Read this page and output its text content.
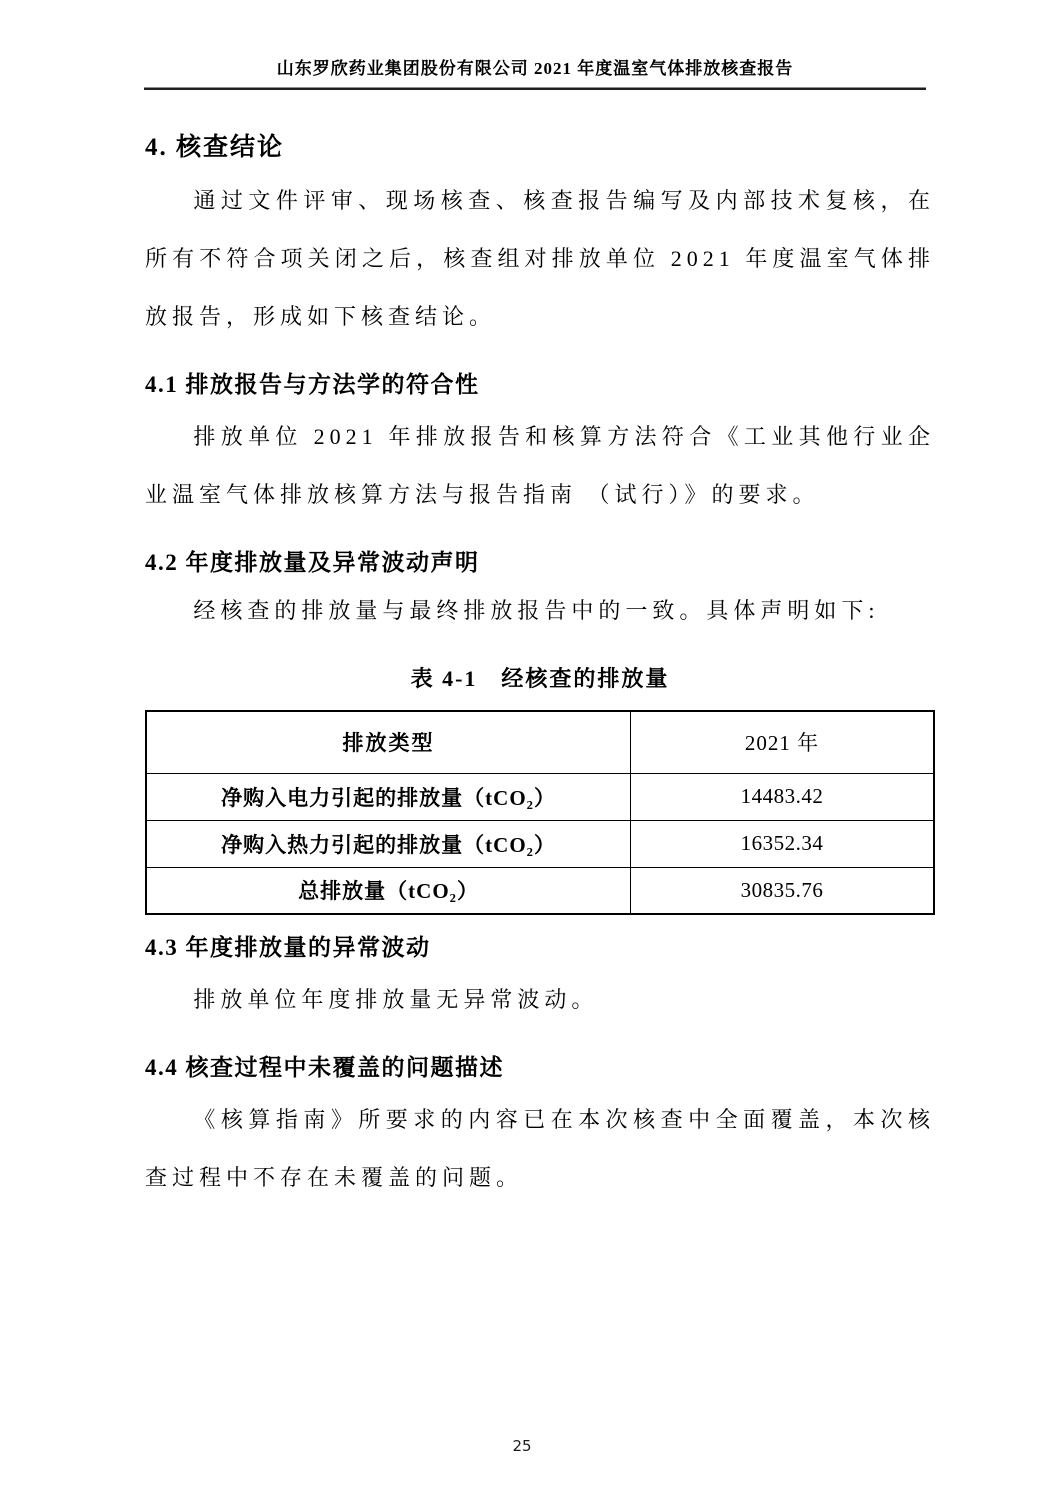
山东罗欣药业集团股份有限公司 2021 年度温室气体排放核查报告
4. 核查结论

通过文件评审、现场核查、核查报告编写及内部技术复核，在所有不符合项关闭之后，核查组对排放单位 2021 年度温室气体排放报告，形成如下核查结论。

4.1 排放报告与方法学的符合性

排放单位 2021 年排放报告和核算方法符合《工业其他行业企业温室气体排放核算方法与报告指南 （试行）》的要求。

4.2 年度排放量及异常波动声明

经核查的排放量与最终排放报告中的一致。具体声明如下:

表 4-1　经核查的排放量
排放类型	2021 年
净购入电力引起的排放量（tCO₂）	14483.42
净购入热力引起的排放量（tCO₂）	16352.34
总排放量（tCO₂）	30835.76
4.3 年度排放量的异常波动

排放单位年度排放量无异常波动。

4.4 核查过程中未覆盖的问题描述

《核算指南》所要求的内容已在本次核查中全面覆盖，本次核查过程中不存在未覆盖的问题。

25
